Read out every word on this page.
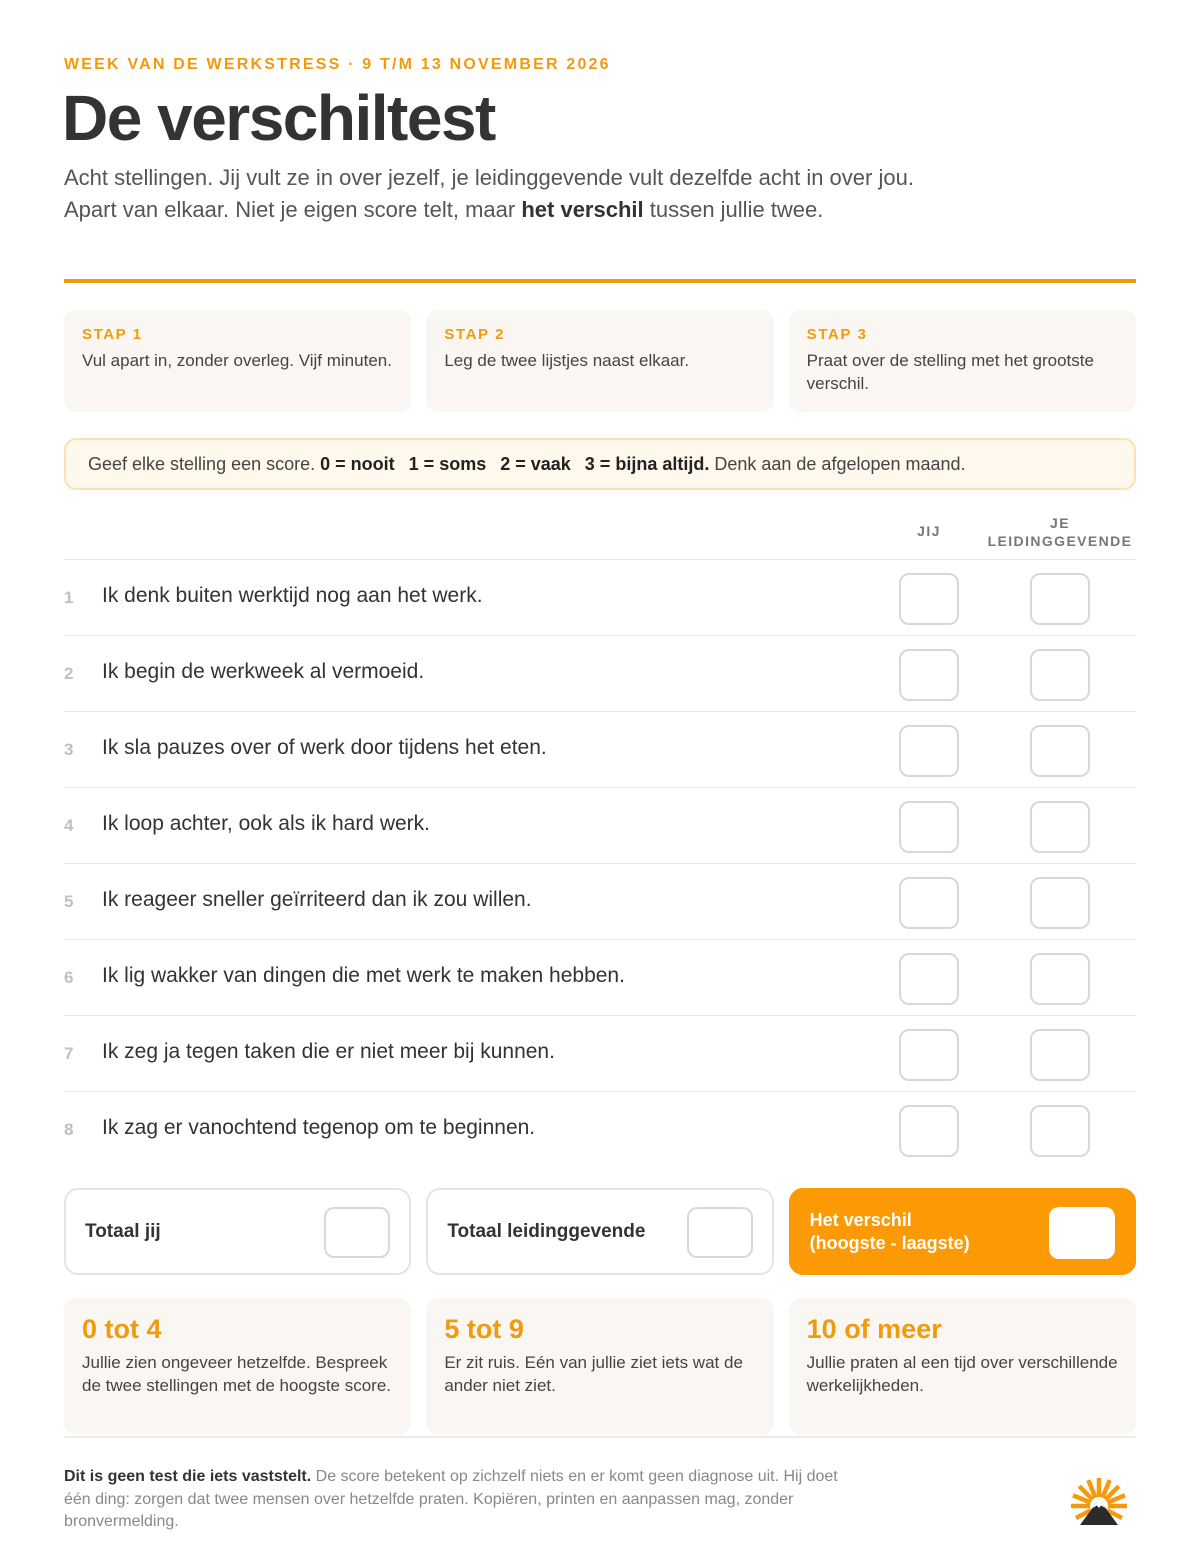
WEEK VAN DE WERKSTRESS · 9 T/M 13 NOVEMBER 2026
De verschiltest

Acht stellingen. Jij vult ze in over jezelf, je leidinggevende vult dezelfde acht in over jou. Apart van elkaar. Niet je eigen score telt, maar het verschil tussen jullie twee.

STAP 1
Vul apart in, zonder overleg. Vijf minuten.
STAP 2
Leg de twee lijstjes naast elkaar.
STAP 3
Praat over de stelling met het grootste verschil.
Geef elke stelling een score.
0 = nooit 1 = soms 2 = vaak 3 = bijna altijd.
Denk aan de afgelopen maand.
JIJ	JE
LEIDINGGEVENDE
1 Ik denk buiten werktijd nog aan het werk.
2 Ik begin de werkweek al vermoeid.
3 Ik sla pauzes over of werk door tijdens het eten.
4 Ik loop achter, ook als ik hard werk.
5 Ik reageer sneller geïrriteerd dan ik zou willen.
6 Ik lig wakker van dingen die met werk te maken hebben.
7 Ik zeg ja tegen taken die er niet meer bij kunnen.
8 Ik zag er vanochtend tegenop om te beginnen.
Totaal jij	Totaal leidinggevende
Het verschil
(hoogste - laagste)
0 tot 4
Jullie zien ongeveer hetzelfde. Bespreek de twee stellingen met de hoogste score.
5 tot 9
Er zit ruis. Eén van jullie ziet iets wat de ander niet ziet.
10 of meer
Jullie praten al een tijd over verschillende werkelijkheden.

Dit is geen test die iets vaststelt. De score betekent op zichzelf niets en er komt geen diagnose uit. Hij doet één ding: zorgen dat twee mensen over hetzelfde praten. Kopiëren, printen en aanpassen mag, zonder bronvermelding.
